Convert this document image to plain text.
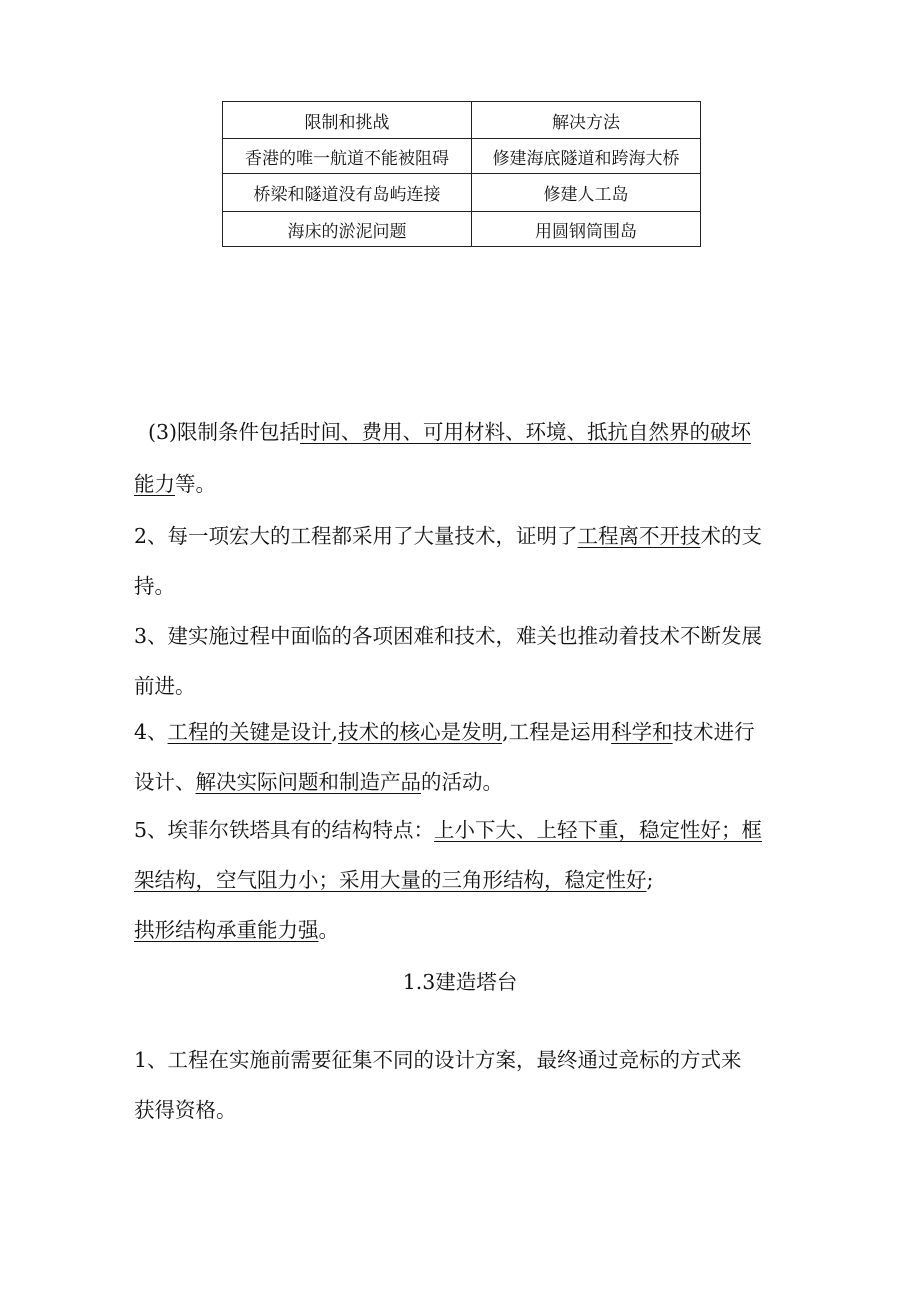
限制和挑战	解决方法
香港的唯一航道不能被阻碍	修建海底隧道和跨海大桥
桥梁和隧道没有岛屿连接	修建人工岛
海床的淤泥问题	用圆钢筒围岛
(3)限制条件包括时间、费用、可用材料、环境、抵抗自然界的破坏
能力等。
2、每一项宏大的工程都采用了大量技术，证明了工程离不开技术的支
持。
3、建实施过程中面临的各项困难和技术，难关也推动着技术不断发展
前进。
4、工程的关键是设计,技术的核心是发明,工程是运用科学和技术进行
设计、解决实际问题和制造产品的活动。
5、埃菲尔铁塔具有的结构特点：上小下大、上轻下重，稳定性好；框
架结构，空气阻力小；采用大量的三角形结构，稳定性好;
拱形结构承重能力强。
1.3建造塔台
1、工程在实施前需要征集不同的设计方案，最终通过竞标的方式来
获得资格。
